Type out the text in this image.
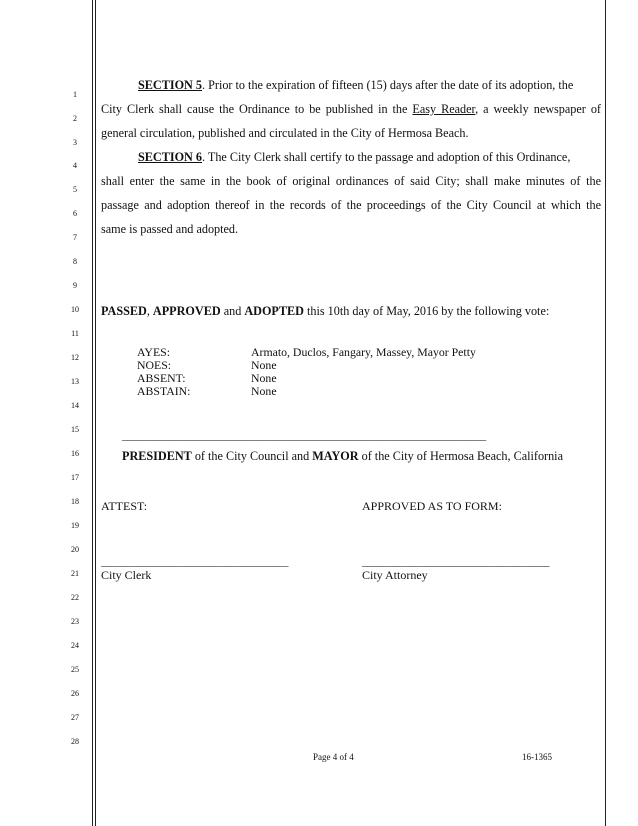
1
2
3
4
5
6
7
8
9
10
11
12
13
14
15
16
17
18
19
20
21
22
23
24
25
26
27
28
SECTION 5. Prior to the expiration of fifteen (15) days after the date of its adoption, the
City Clerk shall cause the Ordinance to be published in the Easy Reader, a weekly newspaper of
general circulation, published and circulated in the City of Hermosa Beach.
SECTION 6. The City Clerk shall certify to the passage and adoption of this Ordinance,
shall enter the same in the book of original ordinances of said City; shall make minutes of the
passage and adoption thereof in the records of the proceedings of the City Council at which the
same is passed and adopted.
PASSED, APPROVED and ADOPTED this 10th day of May, 2016 by the following vote:
AYES:	Armato, Duclos, Fangary, Massey, Mayor Petty
NOES:	None
ABSENT:	None
ABSTAIN:	None
______________________________________________________________________
PRESIDENT of the City Council and MAYOR of the City of Hermosa Beach, California
ATTEST:	APPROVED AS TO FORM:
____________________________________	____________________________________
City Clerk	City Attorney
Page 4 of 4	16-1365
